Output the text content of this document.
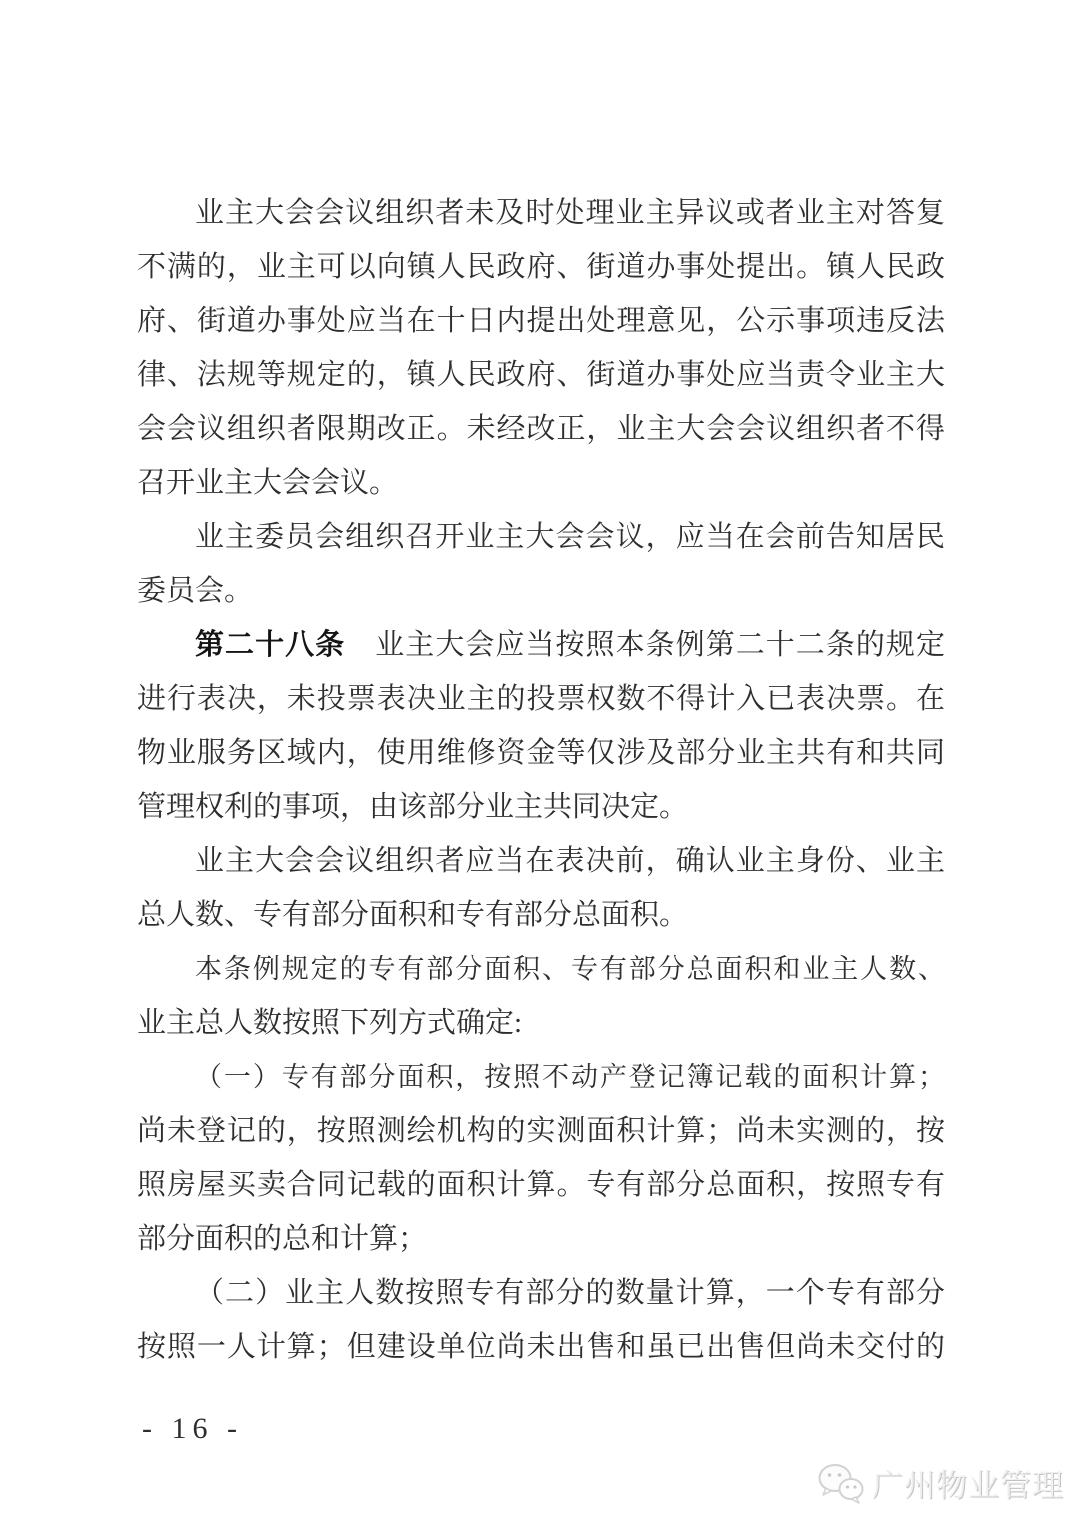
业主大会会议组织者未及时处理业主异议或者业主对答复
不满的，业主可以向镇人民政府、街道办事处提出。镇人民政
府、街道办事处应当在十日内提出处理意见，公示事项违反法
律、法规等规定的，镇人民政府、街道办事处应当责令业主大
会会议组织者限期改正。未经改正，业主大会会议组织者不得
召开业主大会会议。
业主委员会组织召开业主大会会议，应当在会前告知居民
委员会。
第二十八条　业主大会应当按照本条例第二十二条的规定
进行表决，未投票表决业主的投票权数不得计入已表决票。在
物业服务区域内，使用维修资金等仅涉及部分业主共有和共同
管理权利的事项，由该部分业主共同决定。
业主大会会议组织者应当在表决前，确认业主身份、业主
总人数、专有部分面积和专有部分总面积。
本条例规定的专有部分面积、专有部分总面积和业主人数、
业主总人数按照下列方式确定:
（一）专有部分面积，按照不动产登记簿记载的面积计算；
尚未登记的，按照测绘机构的实测面积计算；尚未实测的，按
照房屋买卖合同记载的面积计算。专有部分总面积，按照专有
部分面积的总和计算；
（二）业主人数按照专有部分的数量计算，一个专有部分
按照一人计算；但建设单位尚未出售和虽已出售但尚未交付的
- 16 -
广州物业管理
